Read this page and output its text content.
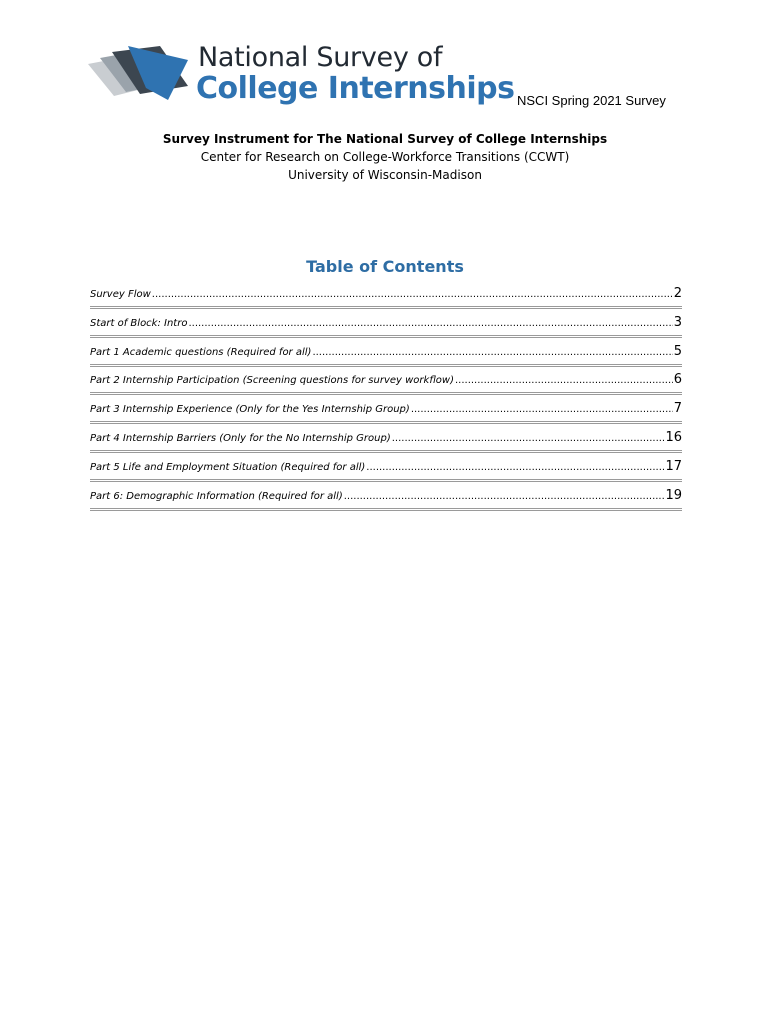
National Survey of
College Internships NSCI Spring 2021 Survey
Survey Instrument for The National Survey of College Internships
Center for Research on College-Workforce Transitions (CCWT)
University of Wisconsin-Madison
Table of Contents
Survey Flow .....	2
Start of Block: Intro .....	3
Part 1 Academic questions (Required for all) .....	5
Part 2 Internship Participation (Screening questions for survey workflow) .....	6
Part 3 Internship Experience (Only for the Yes Internship Group) .....	7
Part 4 Internship Barriers (Only for the No Internship Group) .....	16
Part 5 Life and Employment Situation (Required for all) .....	17
Part 6: Demographic Information (Required for all) .....	19
